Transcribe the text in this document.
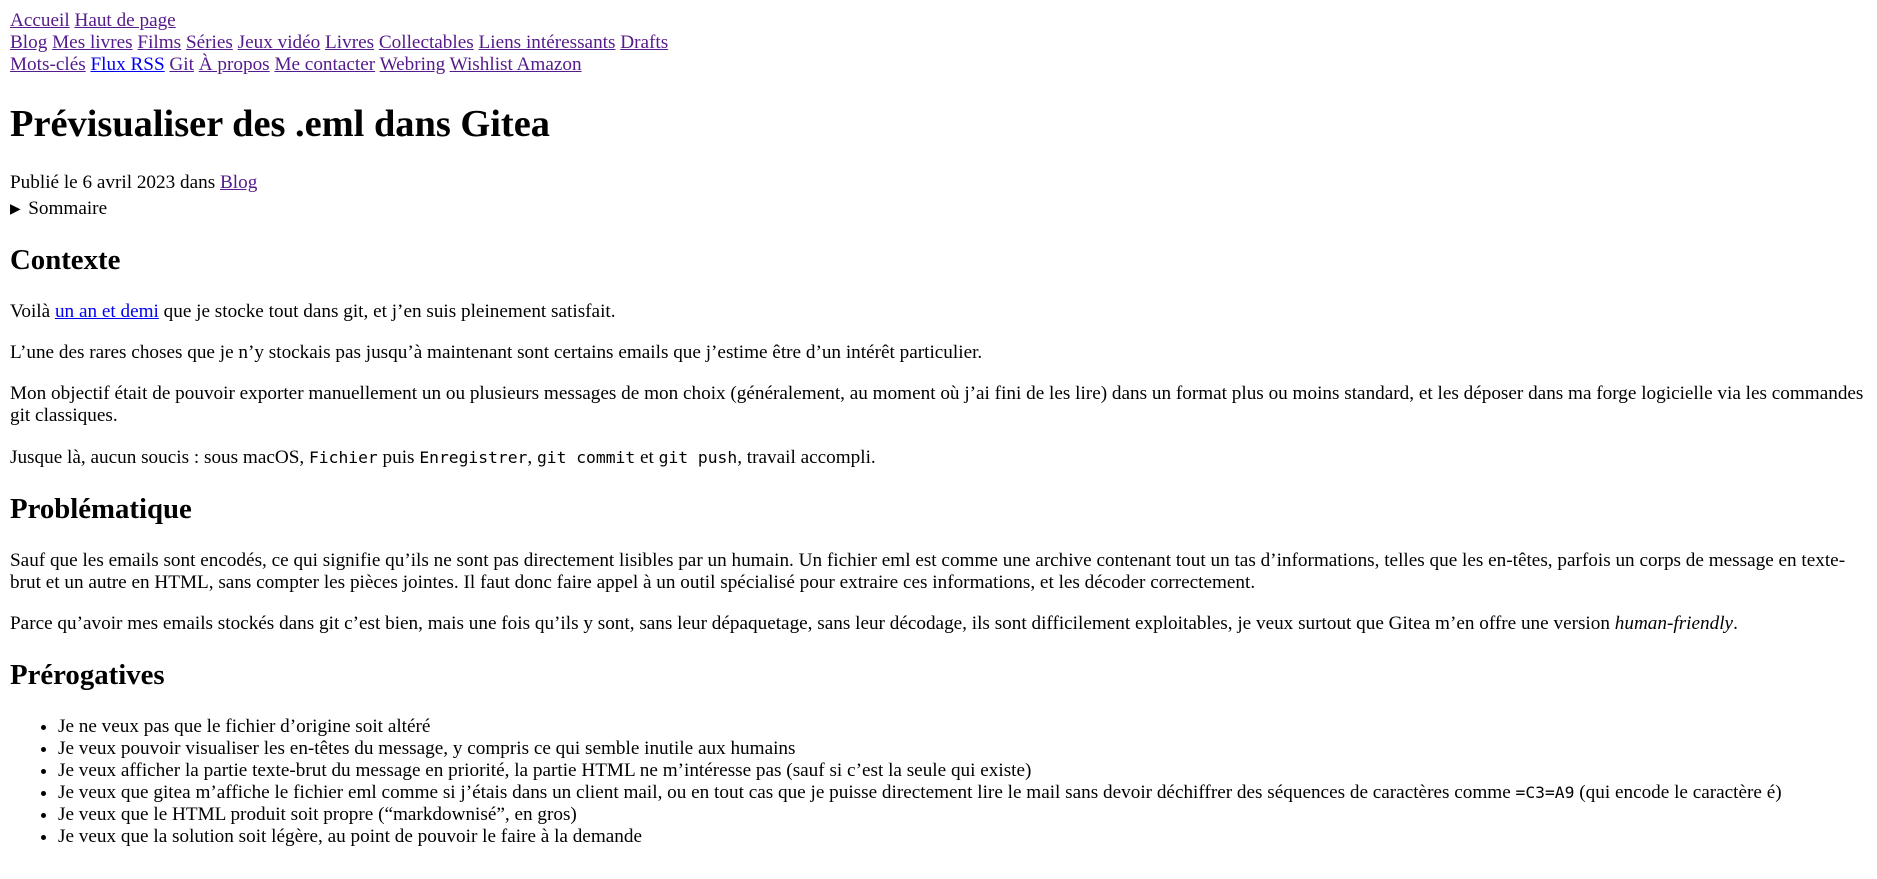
Accueil Haut de page
Blog Mes livres Films Séries Jeux vidéo Livres Collectables Liens intéressants Drafts
Mots-clés Flux RSS Git À propos Me contacter Webring Wishlist Amazon
Prévisualiser des .eml dans Gitea

Publié le 6 avril 2023 dans Blog

▶ Sommaire
Contexte

Voilà un an et demi que je stocke tout dans git, et j’en suis pleinement satisfait.

L’une des rares choses que je n’y stockais pas jusqu’à maintenant sont certains emails que j’estime être d’un intérêt particulier.

Mon objectif était de pouvoir exporter manuellement un ou plusieurs messages de mon choix (généralement, au moment où j’ai fini de les lire) dans un format plus ou moins standard, et les déposer dans ma forge logicielle via les commandes git classiques.

Jusque là, aucun soucis : sous macOS, Fichier puis Enregistrer, git commit et git push, travail accompli.

Problématique

Sauf que les emails sont encodés, ce qui signifie qu’ils ne sont pas directement lisibles par un humain. Un fichier eml est comme une archive contenant tout un tas d’informations, telles que les en-têtes, parfois un corps de message en texte-brut et un autre en HTML, sans compter les pièces jointes. Il faut donc faire appel à un outil spécialisé pour extraire ces informations, et les décoder correctement.

Parce qu’avoir mes emails stockés dans git c’est bien, mais une fois qu’ils y sont, sans leur dépaquetage, sans leur décodage, ils sont difficilement exploitables, je veux surtout que Gitea m’en offre une version human-friendly.

Prérogatives
• Je ne veux pas que le fichier d’origine soit altéré
• Je veux pouvoir visualiser les en-têtes du message, y compris ce qui semble inutile aux humains
• Je veux afficher la partie texte-brut du message en priorité, la partie HTML ne m’intéresse pas (sauf si c’est la seule qui existe)
• Je veux que gitea m’affiche le fichier eml comme si j’étais dans un client mail, ou en tout cas que je puisse directement lire le mail sans devoir déchiffrer des séquences de caractères comme =C3=A9 (qui encode le caractère é)
• Je veux que le HTML produit soit propre (“markdownisé”, en gros)
• Je veux que la solution soit légère, au point de pouvoir le faire à la demande
